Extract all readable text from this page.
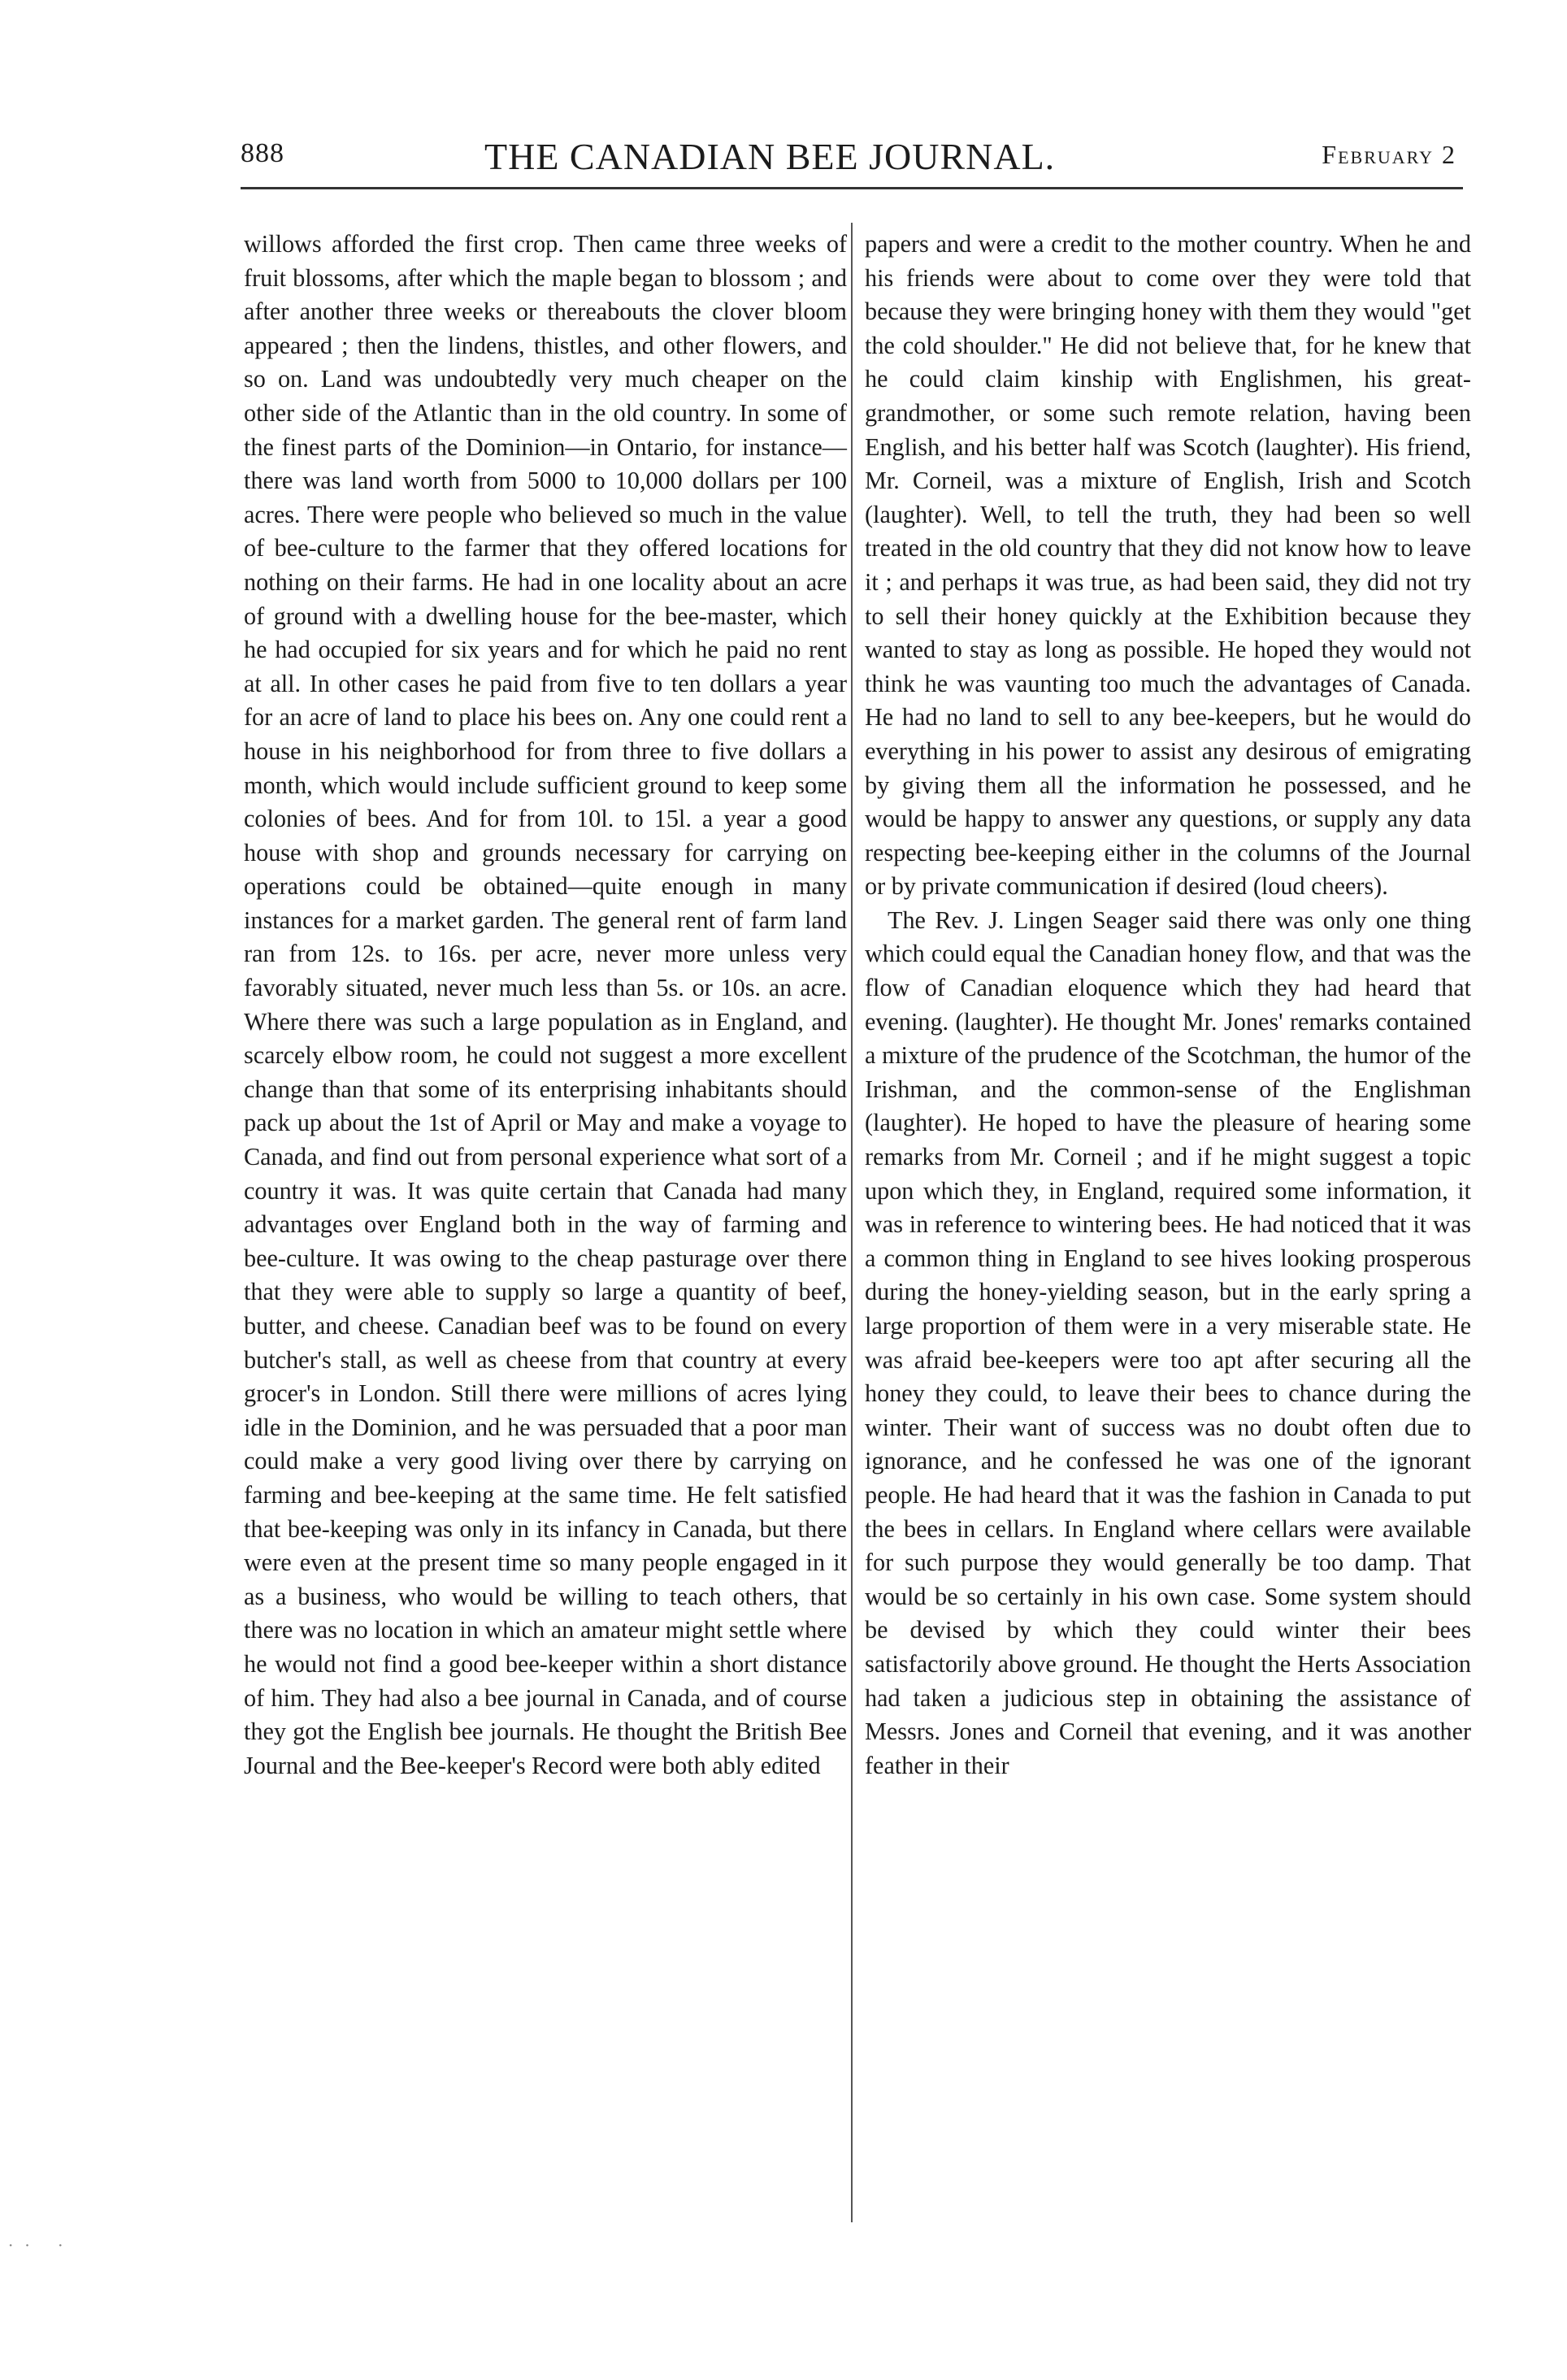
888	THE CANADIAN BEE JOURNAL.	February 2

willows afforded the first crop. Then came three weeks of fruit blossoms, after which the maple began to blossom ; and after another three weeks or thereabouts the clover bloom appeared ; then the lindens, thistles, and other flowers, and so on. Land was undoubtedly very much cheaper on the other side of the Atlantic than in the old country. In some of the finest parts of the Dominion—in Ontario, for instance—there was land worth from 5000 to 10,000 dollars per 100 acres. There were people who believed so much in the value of bee-culture to the farmer that they offered locations for nothing on their farms. He had in one locality about an acre of ground with a dwelling house for the bee-master, which he had occupied for six years and for which he paid no rent at all. In other cases he paid from five to ten dollars a year for an acre of land to place his bees on. Any one could rent a house in his neighborhood for from three to five dollars a month, which would include sufficient ground to keep some colonies of bees. And for from 10l. to 15l. a year a good house with shop and grounds necessary for carrying on operations could be obtained—quite enough in many instances for a market garden. The general rent of farm land ran from 12s. to 16s. per acre, never more unless very favorably situated, never much less than 5s. or 10s. an acre. Where there was such a large population as in England, and scarcely elbow room, he could not suggest a more excellent change than that some of its enterprising inhabitants should pack up about the 1st of April or May and make a voyage to Canada, and find out from personal experience what sort of a country it was. It was quite certain that Canada had many advantages over England both in the way of farming and bee-culture. It was owing to the cheap pasturage over there that they were able to supply so large a quantity of beef, butter, and cheese. Canadian beef was to be found on every butcher's stall, as well as cheese from that country at every grocer's in London. Still there were millions of acres lying idle in the Dominion, and he was persuaded that a poor man could make a very good living over there by carrying on farming and bee-keeping at the same time. He felt satisfied that bee-keeping was only in its infancy in Canada, but there were even at the present time so many people engaged in it as a business, who would be willing to teach others, that there was no location in which an amateur might settle where he would not find a good bee-keeper within a short distance of him. They had also a bee journal in Canada, and of course they got the English bee journals. He thought the British Bee Journal and the Bee-keeper's Record were both ably edited

papers and were a credit to the mother country. When he and his friends were about to come over they were told that because they were bringing honey with them they would "get the cold shoulder." He did not believe that, for he knew that he could claim kinship with Englishmen, his great-grandmother, or some such remote relation, having been English, and his better half was Scotch (laughter). His friend, Mr. Corneil, was a mixture of English, Irish and Scotch (laughter). Well, to tell the truth, they had been so well treated in the old country that they did not know how to leave it ; and perhaps it was true, as had been said, they did not try to sell their honey quickly at the Exhibition because they wanted to stay as long as possible. He hoped they would not think he was vaunting too much the advantages of Canada. He had no land to sell to any bee-keepers, but he would do everything in his power to assist any desirous of emigrating by giving them all the information he possessed, and he would be happy to answer any questions, or supply any data respecting bee-keeping either in the columns of the Journal or by private communication if desired (loud cheers).

The Rev. J. Lingen Seager said there was only one thing which could equal the Canadian honey flow, and that was the flow of Canadian eloquence which they had heard that evening. (laughter). He thought Mr. Jones' remarks contained a mixture of the prudence of the Scotchman, the humor of the Irishman, and the common-sense of the Englishman (laughter). He hoped to have the pleasure of hearing some remarks from Mr. Corneil ; and if he might suggest a topic upon which they, in England, required some information, it was in reference to wintering bees. He had noticed that it was a common thing in England to see hives looking prosperous during the honey-yielding season, but in the early spring a large proportion of them were in a very miserable state. He was afraid bee-keepers were too apt after securing all the honey they could, to leave their bees to chance during the winter. Their want of success was no doubt often due to ignorance, and he confessed he was one of the ignorant people. He had heard that it was the fashion in Canada to put the bees in cellars. In England where cellars were available for such purpose they would generally be too damp. That would be so certainly in his own case. Some system should be devised by which they could winter their bees satisfactorily above ground. He thought the Herts Association had taken a judicious step in obtaining the assistance of Messrs. Jones and Corneil that evening, and it was another feather in their

·· ·
